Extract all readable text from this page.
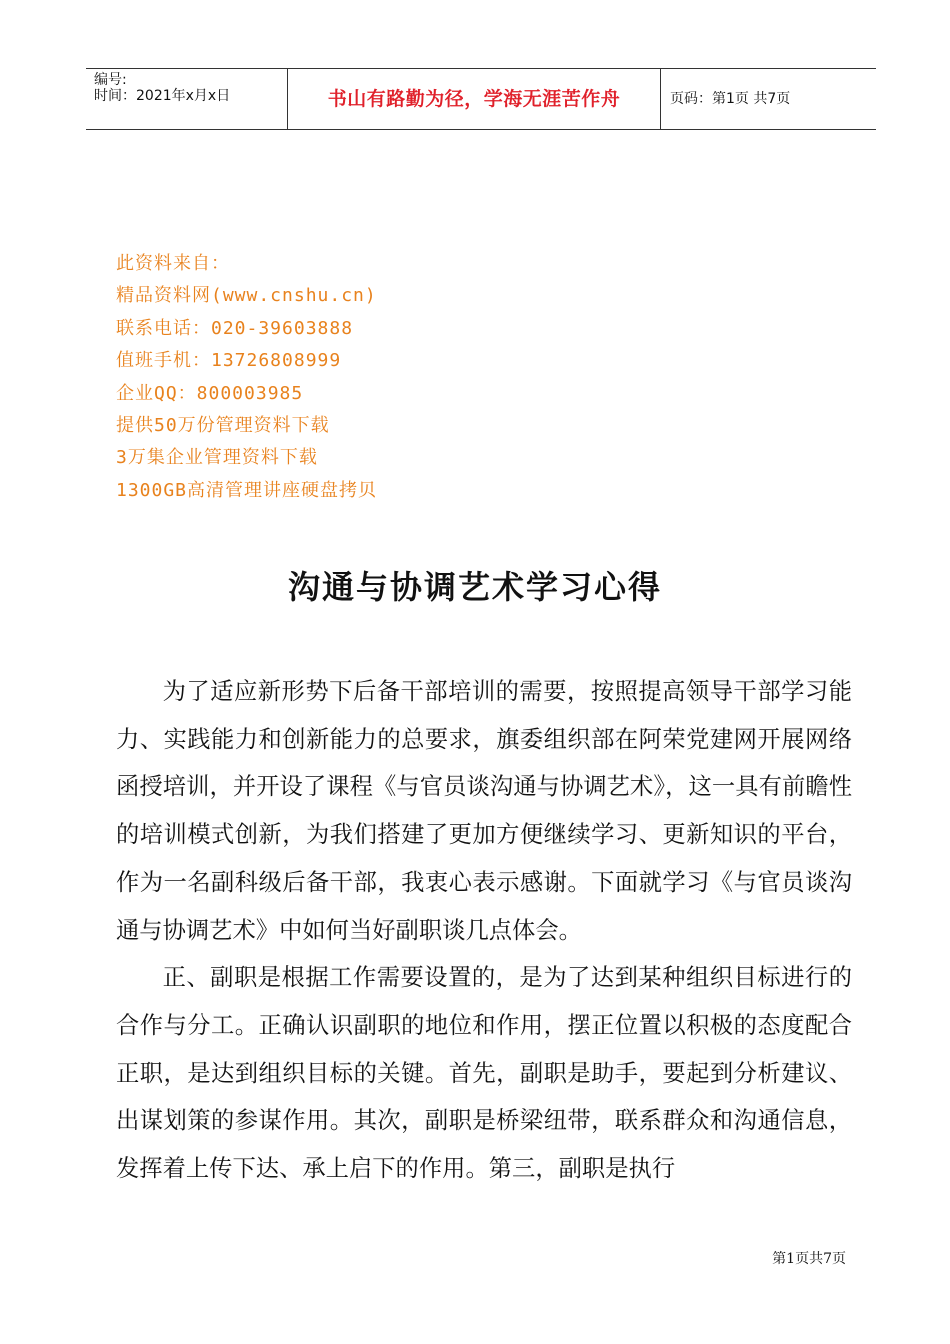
编号:
时间：2021年x月x日	书山有路勤为径，学海无涯苦作舟	页码：第1页 共7页
此资料来自：
精品资料网(www.cnshu.cn)
联系电话：020-39603888
值班手机：13726808999
企业QQ：800003985
提供50万份管理资料下载
3万集企业管理资料下载
1300GB高清管理讲座硬盘拷贝
沟通与协调艺术学习心得

为了适应新形势下后备干部培训的需要，按照提高领导干部学习能力、实践能力和创新能力的总要求，旗委组织部在阿荣党建网开展网络函授培训，并开设了课程《与官员谈沟通与协调艺术》，这一具有前瞻性的培训模式创新，为我们搭建了更加方便继续学习、更新知识的平台，作为一名副科级后备干部，我衷心表示感谢。下面就学习《与官员谈沟通与协调艺术》中如何当好副职谈几点体会。

正、副职是根据工作需要设置的，是为了达到某种组织目标进行的合作与分工。正确认识副职的地位和作用，摆正位置以积极的态度配合正职，是达到组织目标的关键。首先，副职是助手，要起到分析建议、出谋划策的参谋作用。其次，副职是桥梁纽带，联系群众和沟通信息，发挥着上传下达、承上启下的作用。第三，副职是执行

第1页共7页
